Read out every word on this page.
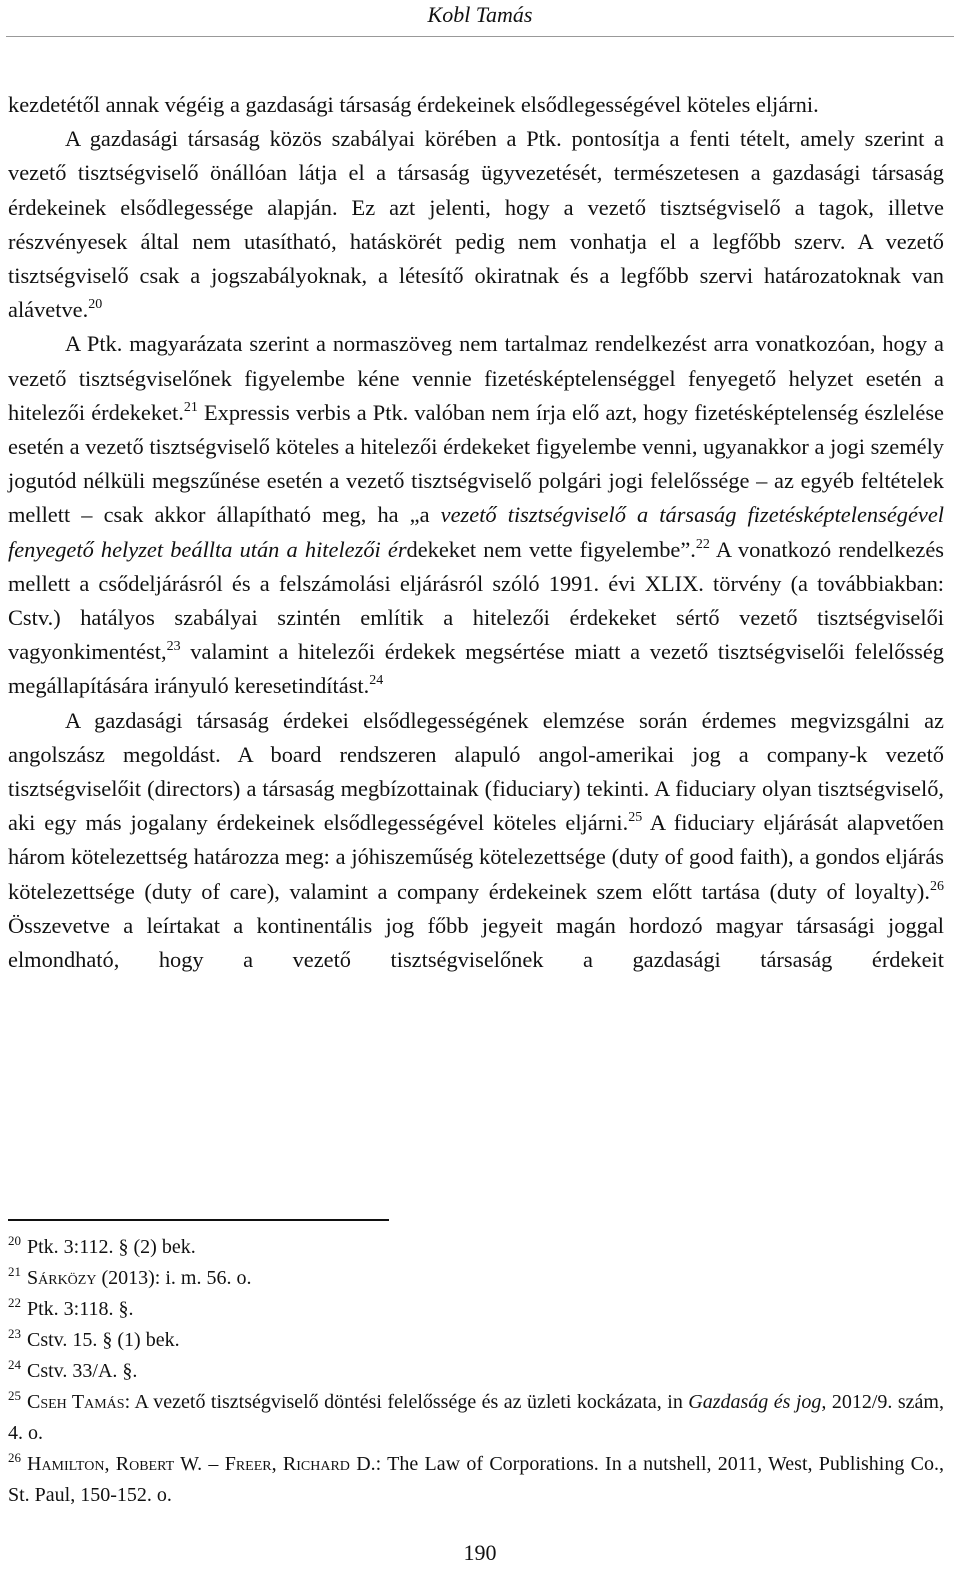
Kobl Tamás

kezdetétől annak végéig a gazdasági társaság érdekeinek elsődlegességével köteles eljárni.

A gazdasági társaság közös szabályai körében a Ptk. pontosítja a fenti tételt, amely szerint a vezető tisztségviselő önállóan látja el a társaság ügyvezetését, természetesen a gazdasági társaság érdekeinek elsődlegessége alapján. Ez azt jelenti, hogy a vezető tisztségviselő a tagok, illetve részvényesek által nem utasítható, hatáskörét pedig nem vonhatja el a legfőbb szerv. A vezető tisztségviselő csak a jogszabályoknak, a létesítő okiratnak és a legfőbb szervi határozatoknak van alávetve.$^{20}$

A Ptk. magyarázata szerint a normaszöveg nem tartalmaz rendelkezést arra vonatkozóan, hogy a vezető tisztségviselőnek figyelembe kéne vennie fizetésképtelenséggel fenyegető helyzet esetén a hitelezői érdekeket.$^{21}$ Expressis verbis a Ptk. valóban nem írja elő azt, hogy fizetésképtelenség észlelése esetén a vezető tisztségviselő köteles a hitelezői érdekeket figyelembe venni, ugyanakkor a jogi személy jogutód nélküli megszűnése esetén a vezető tisztségviselő polgári jogi felelőssége – az egyéb feltételek mellett – csak akkor állapítható meg, ha „a vezető tisztségviselő a társaság fizetésképtelenségével fenyegető helyzet beállta után a hitelezői érdekeket nem vette figyelembe”.$^{22}$ A vonatkozó rendelkezés mellett a csődeljárásról és a felszámolási eljárásról szóló 1991. évi XLIX. törvény (a továbbiakban: Cstv.) hatályos szabályai szintén említik a hitelezői érdekeket sértő vezető tisztségviselői vagyonkimentést,$^{23}$ valamint a hitelezői érdekek megsértése miatt a vezető tisztségviselői felelősség megállapítására irányuló keresetindítást.$^{24}$

A gazdasági társaság érdekei elsődlegességének elemzése során érdemes megvizsgálni az angolszász megoldást. A board rendszeren alapuló angol-amerikai jog a company-k vezető tisztségviselőit (directors) a társaság megbízottainak (fiduciary) tekinti. A fiduciary olyan tisztségviselő, aki egy más jogalany érdekeinek elsődlegességével köteles eljárni.$^{25}$ A fiduciary eljárását alapvetően három kötelezettség határozza meg: a jóhiszeműség kötelezettsége (duty of good faith), a gondos eljárás kötelezettsége (duty of care), valamint a company érdekeinek szem előtt tartása (duty of loyalty).$^{26}$ Összevetve a leírtakat a kontinentális jog főbb jegyeit magán hordozó magyar társasági joggal elmondható, hogy a vezető tisztségviselőnek a gazdasági társaság érdekeit

$^{20}$ Ptk. 3:112. § (2) bek.

$^{21}$ Sárközy (2013): i. m. 56. o.

$^{22}$ Ptk. 3:118. §.

$^{23}$ Cstv. 15. § (1) bek.

$^{24}$ Cstv. 33/A. §.

$^{25}$ Cseh Tamás: A vezető tisztségviselő döntési felelőssége és az üzleti kockázata, in Gazdaság és jog, 2012/9. szám, 4. o.

$^{26}$ Hamilton, Robert W. – Freer, Richard D.: The Law of Corporations. In a nutshell, 2011, West, Publishing Co., St. Paul, 150-152. o.

190
